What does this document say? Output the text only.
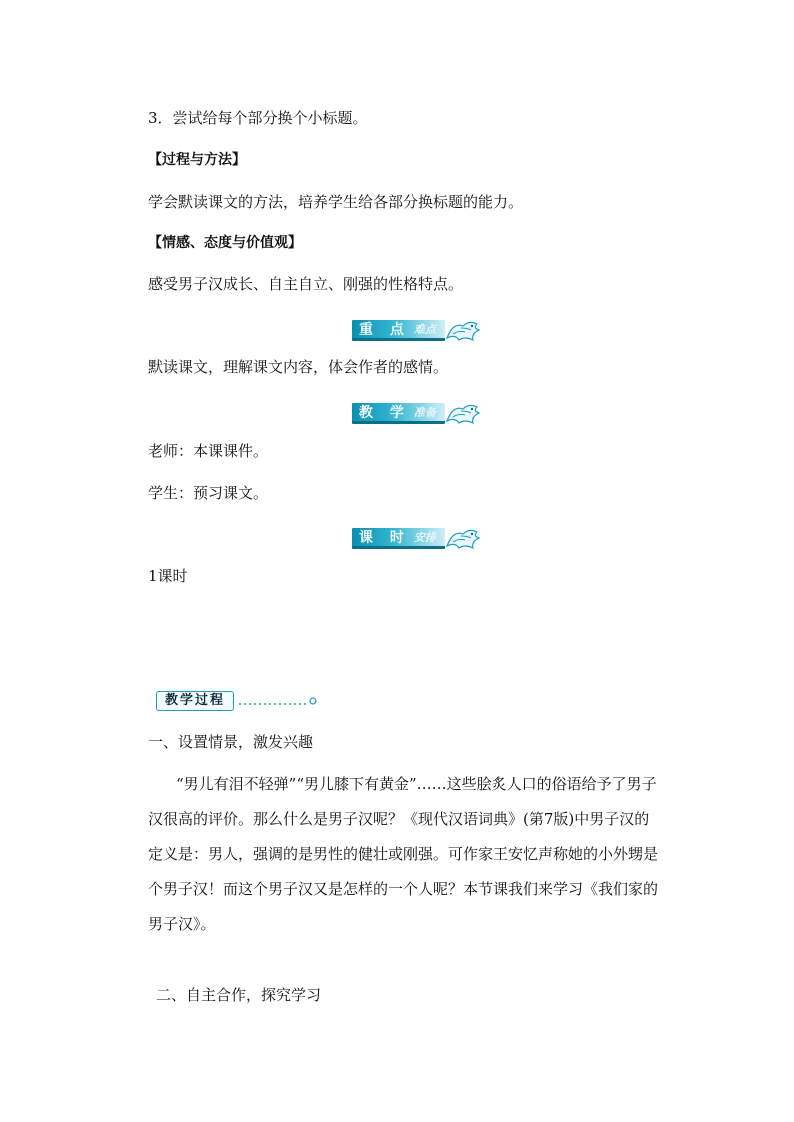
3．尝试给每个部分换个小标题。
【过程与方法】
学会默读课文的方法，培养学生给各部分换标题的能力。
【情感、态度与价值观】
感受男子汉成长、自主自立、刚强的性格特点。
重 点 难点
默读课文，理解课文内容，体会作者的感情。
教 学 准备
老师：本课课件。
学生：预习课文。
课 时 安排
1课时
教学过程
一、设置情景，激发兴趣
“男儿有泪不轻弹”“男儿膝下有黄金”……这些脍炙人口的俗语给予了男子汉很高的评价。那么什么是男子汉呢？《现代汉语词典》(第7版)中男子汉的定义是：男人，强调的是男性的健壮或刚强。可作家王安忆声称她的小外甥是个男子汉！而这个男子汉又是怎样的一个人呢？本节课我们来学习《我们家的男子汉》。
二、自主合作，探究学习
